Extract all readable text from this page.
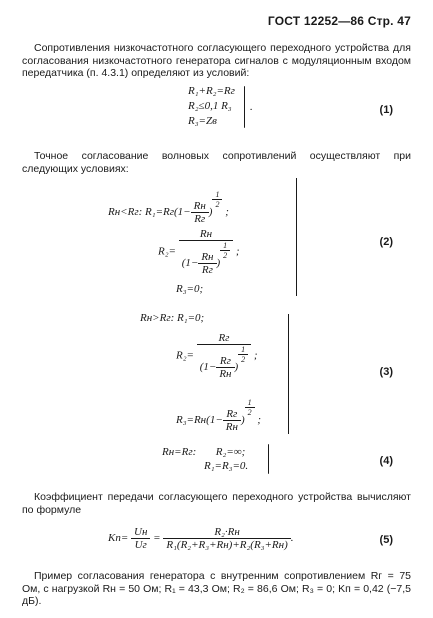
ГОСТ 12252—86 Стр. 47
Сопротивления низкочастотного согласующего переходного устройства для согласования низкочастотного генератора сигналов с модуляционным входом передатчика (п. 4.3.1) определяют из условий:
R₁+R₂=Rг
R₂≤0,1 R₃
R₃=Zв
.	(1)
Точное согласование волновых сопротивлений осуществляют при следующих условиях:
Rн<Rг: $R_1=Rг(1- \frac{Rн}{Rг}$ )
$\frac{1}{2}$
;
R₂= Rн
($1- \frac{Rн}{Rг}$ )
$\frac{1}{2}$ ;
R₃=0;
(2)
Rн>Rг: R₁=0;
R₂= Rг
($1- \frac{Rг}{Rн}$ )
$\frac{1}{2}$ ;
$R_3=Rн(1- \frac{Rг}{Rн}$ )
$\frac{1}{2}$
;
(3)
Rн=Rг: R₂=∞;
R₁=R₃=0.	(4)
Коэффициент передачи согласующего переходного устройства вычисляют по формуле
$Kп= \frac{Uн}{Uг} = \frac{\text{R₂·Rн}}{\text{R₁(R₂+R₃+Rн)+R₂(R₃+Rн)}}$ .	(5)
Пример согласования генератора с внутренним сопротивлением Rг = 75 Ом, с нагрузкой Rн = 50 Ом; R₁ = 43,3 Ом; R₂ = 86,6 Ом; R₃ = 0; Kп = 0,42 (−7,5 дБ).
